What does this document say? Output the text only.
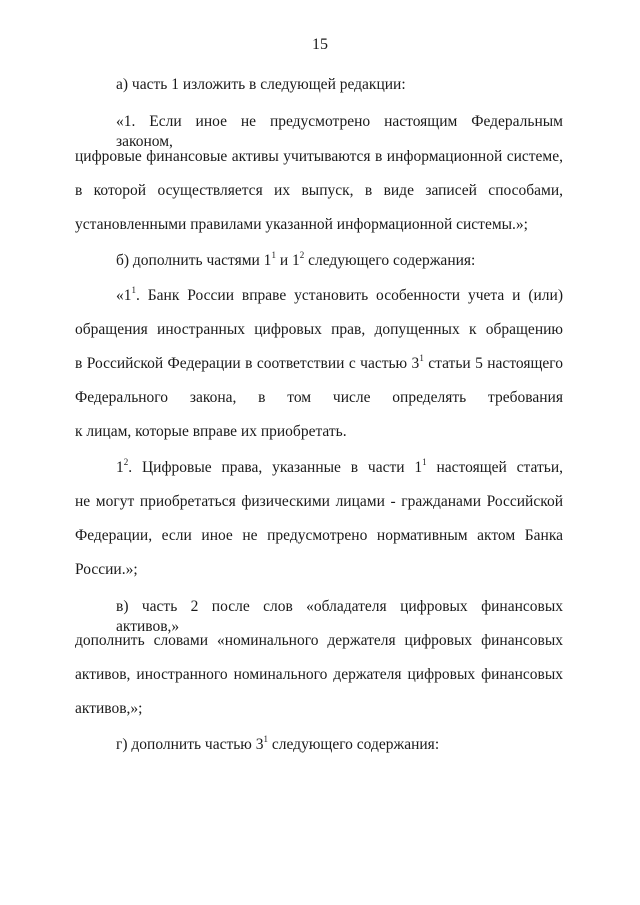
15
а) часть 1 изложить в следующей редакции:
«1. Если иное не предусмотрено настоящим Федеральным законом,
цифровые финансовые активы учитываются в информационной системе,
в которой осуществляется их выпуск, в виде записей способами,
установленными правилами указанной информационной системы.»;
б) дополнить частями $1^1$ и $1^2$ следующего содержания:
«$1^1$. Банк России вправе установить особенности учета и (или)
обращения иностранных цифровых прав, допущенных к обращению
в Российской Федерации в соответствии с частью $3^1$ статьи 5 настоящего
Федерального закона, в том числе определять требования
к лицам, которые вправе их приобретать.
$1^2$. Цифровые права, указанные в части $1^1$ настоящей статьи,
не могут приобретаться физическими лицами - гражданами Российской
Федерации, если иное не предусмотрено нормативным актом Банка
России.»;
в) часть 2 после слов «обладателя цифровых финансовых активов,»
дополнить словами «номинального держателя цифровых финансовых
активов, иностранного номинального держателя цифровых финансовых
активов,»;
г) дополнить частью $3^1$ следующего содержания:
